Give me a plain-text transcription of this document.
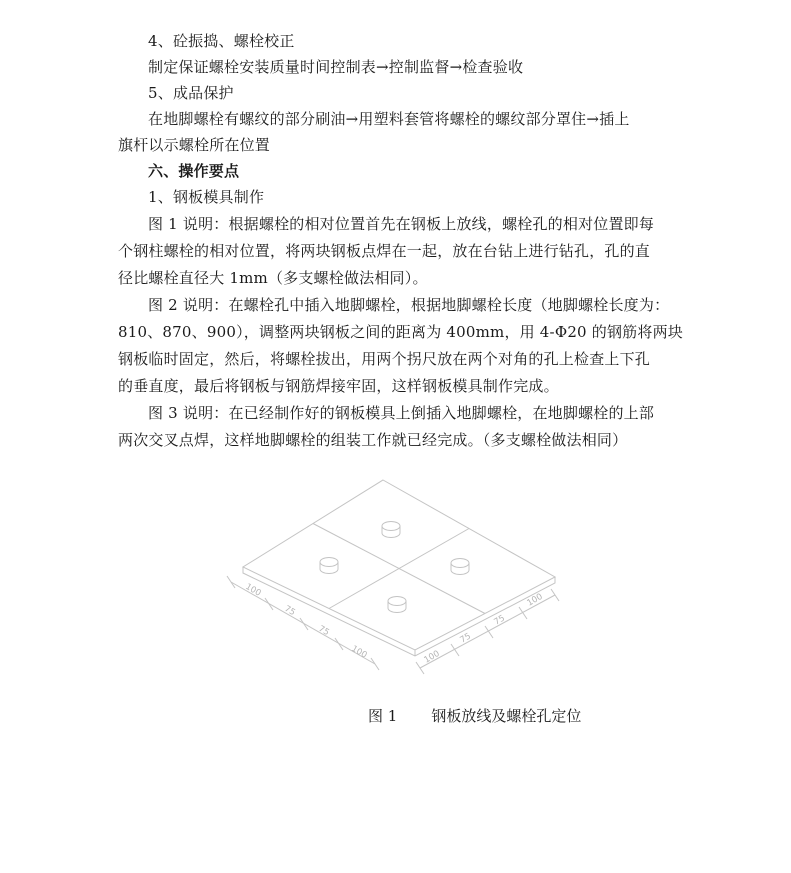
4、砼振捣、螺栓校正
制定保证螺栓安装质量时间控制表→控制监督→检查验收
5、成品保护
在地脚螺栓有螺纹的部分刷油→用塑料套管将螺栓的螺纹部分罩住→插上
旗杆以示螺栓所在位置
六、操作要点
1、钢板模具制作
图 1 说明：根据螺栓的相对位置首先在钢板上放线，螺栓孔的相对位置即每
个钢柱螺栓的相对位置，将两块钢板点焊在一起，放在台钻上进行钻孔，孔的直
径比螺栓直径大 1mm（多支螺栓做法相同）。
图 2 说明：在螺栓孔中插入地脚螺栓，根据地脚螺栓长度（地脚螺栓长度为：
810、870、900），调整两块钢板之间的距离为 400mm，用 4-Φ20 的钢筋将两块
钢板临时固定，然后，将螺栓拔出，用两个拐尺放在两个对角的孔上检查上下孔
的垂直度，最后将钢板与钢筋焊接牢固，这样钢板模具制作完成。
图 3 说明：在已经制作好的钢板模具上倒插入地脚螺栓，在地脚螺栓的上部
两次交叉点焊，这样地脚螺栓的组装工作就已经完成。（多支螺栓做法相同）
100
75
75
100	100
75
75
100
图 1 钢板放线及螺栓孔定位
